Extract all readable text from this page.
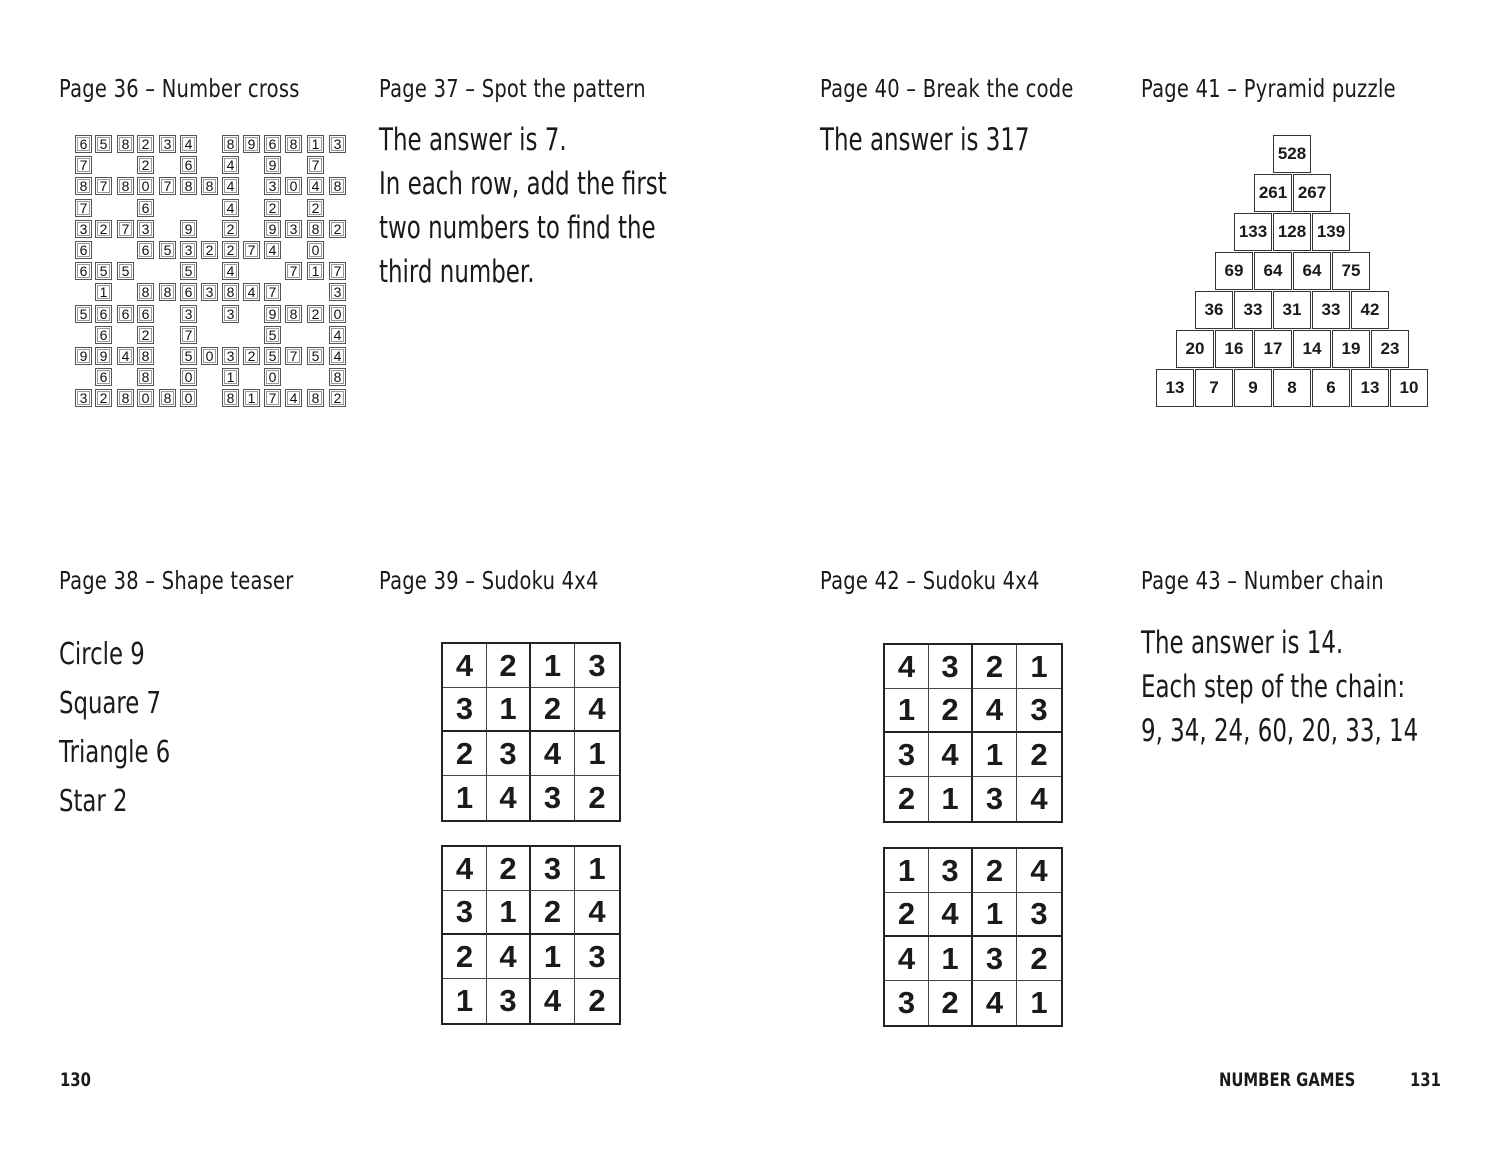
Page 36 – Number cross
6 5	8 2	3 4	8 9 6 8	1	3
7	2	6	4	9	7
8 7	8 0	7 8 8 4	3 0	4	8
7	6	4	2	2
3 2	7 3	9	2	9 3	8	2
6	6	5 3 2 2 7 4	0
6 5	5	5	4	7	1	7
1	8	8 6 3 8 4 7	3
5 6	6 6	3	3	9 8	2	0
6	2	7	5	4
9 9	4 8	5 0 3 2 5 7	5	4
6	8	0	1	0	8
3 2	8 0	8 0	8 1 7 4	8	2
Page 37 – Spot the pattern
The answer is 7.
In each row, add the first
two numbers to find the
third number.
Page 38 – Shape teaser
Circle 9
Square 7
Triangle 6
Star 2
Page 39 – Sudoku 4x4
4 2 1 3
3 1 2 4
2 3 4 1
1 4 3 2
4 2 3 1
3 1 2 4
2 4 1 3
1 3 4 2
130
Page 40 – Break the code
The answer is 317
Page 41 – Pyramid puzzle
528
261 267
133 128 139
69	64	64	75
36	33	31	33	42
20	16	17	14	19	23
13	7	9	8	6	13	10
Page 42 – Sudoku 4x4
4 3 2 1
1 2 4 3
3 4 1 2
2 1 3 4
1 3 2 4
2 4 1 3
4 1 3 2
3 2 4 1
Page 43 – Number chain
The answer is 14.
Each step of the chain:
9, 34, 24, 60, 20, 33, 14
NUMBER GAMES	131
